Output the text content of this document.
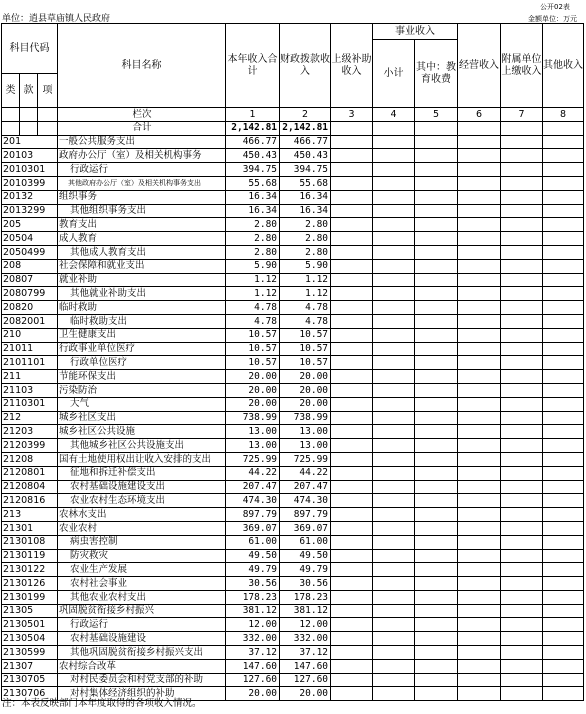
公开02表
单位：逍县草庙镇人民政府	金额单位：万元
科目代码			科目名称	本年收入合计	财政拨款收入	上级补助收入	事业收入		经营收入	附属单位上缴收入	其他收入
							小计	其中：教育收费			

类	款	项									
			栏次	1	2	3	4	5	6	7	8
			合计	2,142.81	2,142.81						
201			一般公共服务支出	466.77	466.77						
20103			政府办公厅（室）及相关机构事务	450.43	450.43						
2010301			行政运行	394.75	394.75						
2010399			其他政府办公厅（室）及相关机构事务支出	55.68	55.68						
20132			组织事务	16.34	16.34						
2013299			其他组织事务支出	16.34	16.34						
205			教育支出	2.80	2.80						
20504			成人教育	2.80	2.80						
2050499			其他成人教育支出	2.80	2.80						
208			社会保障和就业支出	5.90	5.90						
20807			就业补助	1.12	1.12						
2080799			其他就业补助支出	1.12	1.12						
20820			临时救助	4.78	4.78						
2082001			临时救助支出	4.78	4.78						
210			卫生健康支出	10.57	10.57						
21011			行政事业单位医疗	10.57	10.57						
2101101			行政单位医疗	10.57	10.57						
211			节能环保支出	20.00	20.00						
21103			污染防治	20.00	20.00						
2110301			大气	20.00	20.00						
212			城乡社区支出	738.99	738.99						
21203			城乡社区公共设施	13.00	13.00						
2120399			其他城乡社区公共设施支出	13.00	13.00						
21208			国有土地使用权出让收入安排的支出	725.99	725.99						
2120801			征地和拆迁补偿支出	44.22	44.22						
2120804			农村基础设施建设支出	207.47	207.47						
2120816			农业农村生态环境支出	474.30	474.30						
213			农林水支出	897.79	897.79						
21301			农业农村	369.07	369.07						
2130108			病虫害控制	61.00	61.00						
2130119			防灾救灾	49.50	49.50						
2130122			农业生产发展	49.79	49.79						
2130126			农村社会事业	30.56	30.56						
2130199			其他农业农村支出	178.23	178.23						
21305			巩固脱贫衔接乡村振兴	381.12	381.12						
2130501			行政运行	12.00	12.00						
2130504			农村基础设施建设	332.00	332.00						
2130599			其他巩固脱贫衔接乡村振兴支出	37.12	37.12						
21307			农村综合改革	147.60	147.60						
2130705			对村民委员会和村党支部的补助	127.60	127.60						
2130706			对村集体经济组织的补助	20.00	20.00						
注：本表反映部门本年度取得的各项收入情况。
